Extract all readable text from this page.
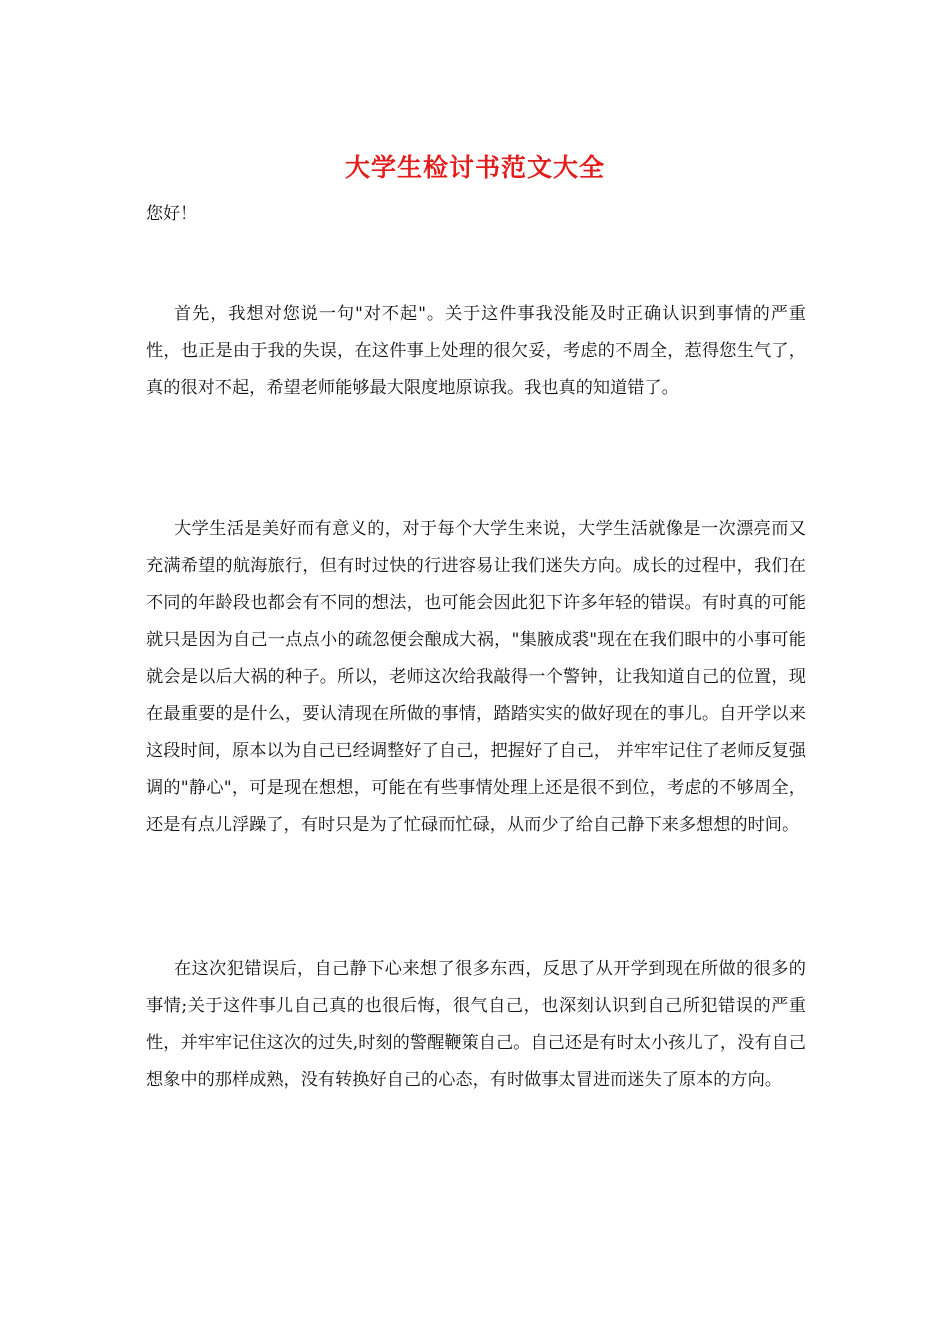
大学生检讨书范文大全
您好！

首先，我想对您说一句"对不起"。关于这件事我没能及时正确认识到事情的严重性，也正是由于我的失误，在这件事上处理的很欠妥，考虑的不周全，惹得您生气了，真的很对不起，希望老师能够最大限度地原谅我。我也真的知道错了。

大学生活是美好而有意义的，对于每个大学生来说，大学生活就像是一次漂亮而又充满希望的航海旅行，但有时过快的行进容易让我们迷失方向。成长的过程中，我们在不同的年龄段也都会有不同的想法，也可能会因此犯下许多年轻的错误。有时真的可能就只是因为自己一点点小的疏忽便会酿成大祸，"集腋成裘"现在在我们眼中的小事可能就会是以后大祸的种子。所以，老师这次给我敲得一个警钟，让我知道自己的位置，现在最重要的是什么，要认清现在所做的事情，踏踏实实的做好现在的事儿。自开学以来这段时间，原本以为自己已经调整好了自己，把握好了自己， 并牢牢记住了老师反复强调的"静心"，可是现在想想，可能在有些事情处理上还是很不到位，考虑的不够周全，还是有点儿浮躁了，有时只是为了忙碌而忙碌，从而少了给自己静下来多想想的时间。

在这次犯错误后，自己静下心来想了很多东西，反思了从开学到现在所做的很多的事情;关于这件事儿自己真的也很后悔，很气自己，也深刻认识到自己所犯错误的严重性，并牢牢记住这次的过失,时刻的警醒鞭策自己。自己还是有时太小孩儿了，没有自己想象中的那样成熟，没有转换好自己的心态，有时做事太冒进而迷失了原本的方向。
